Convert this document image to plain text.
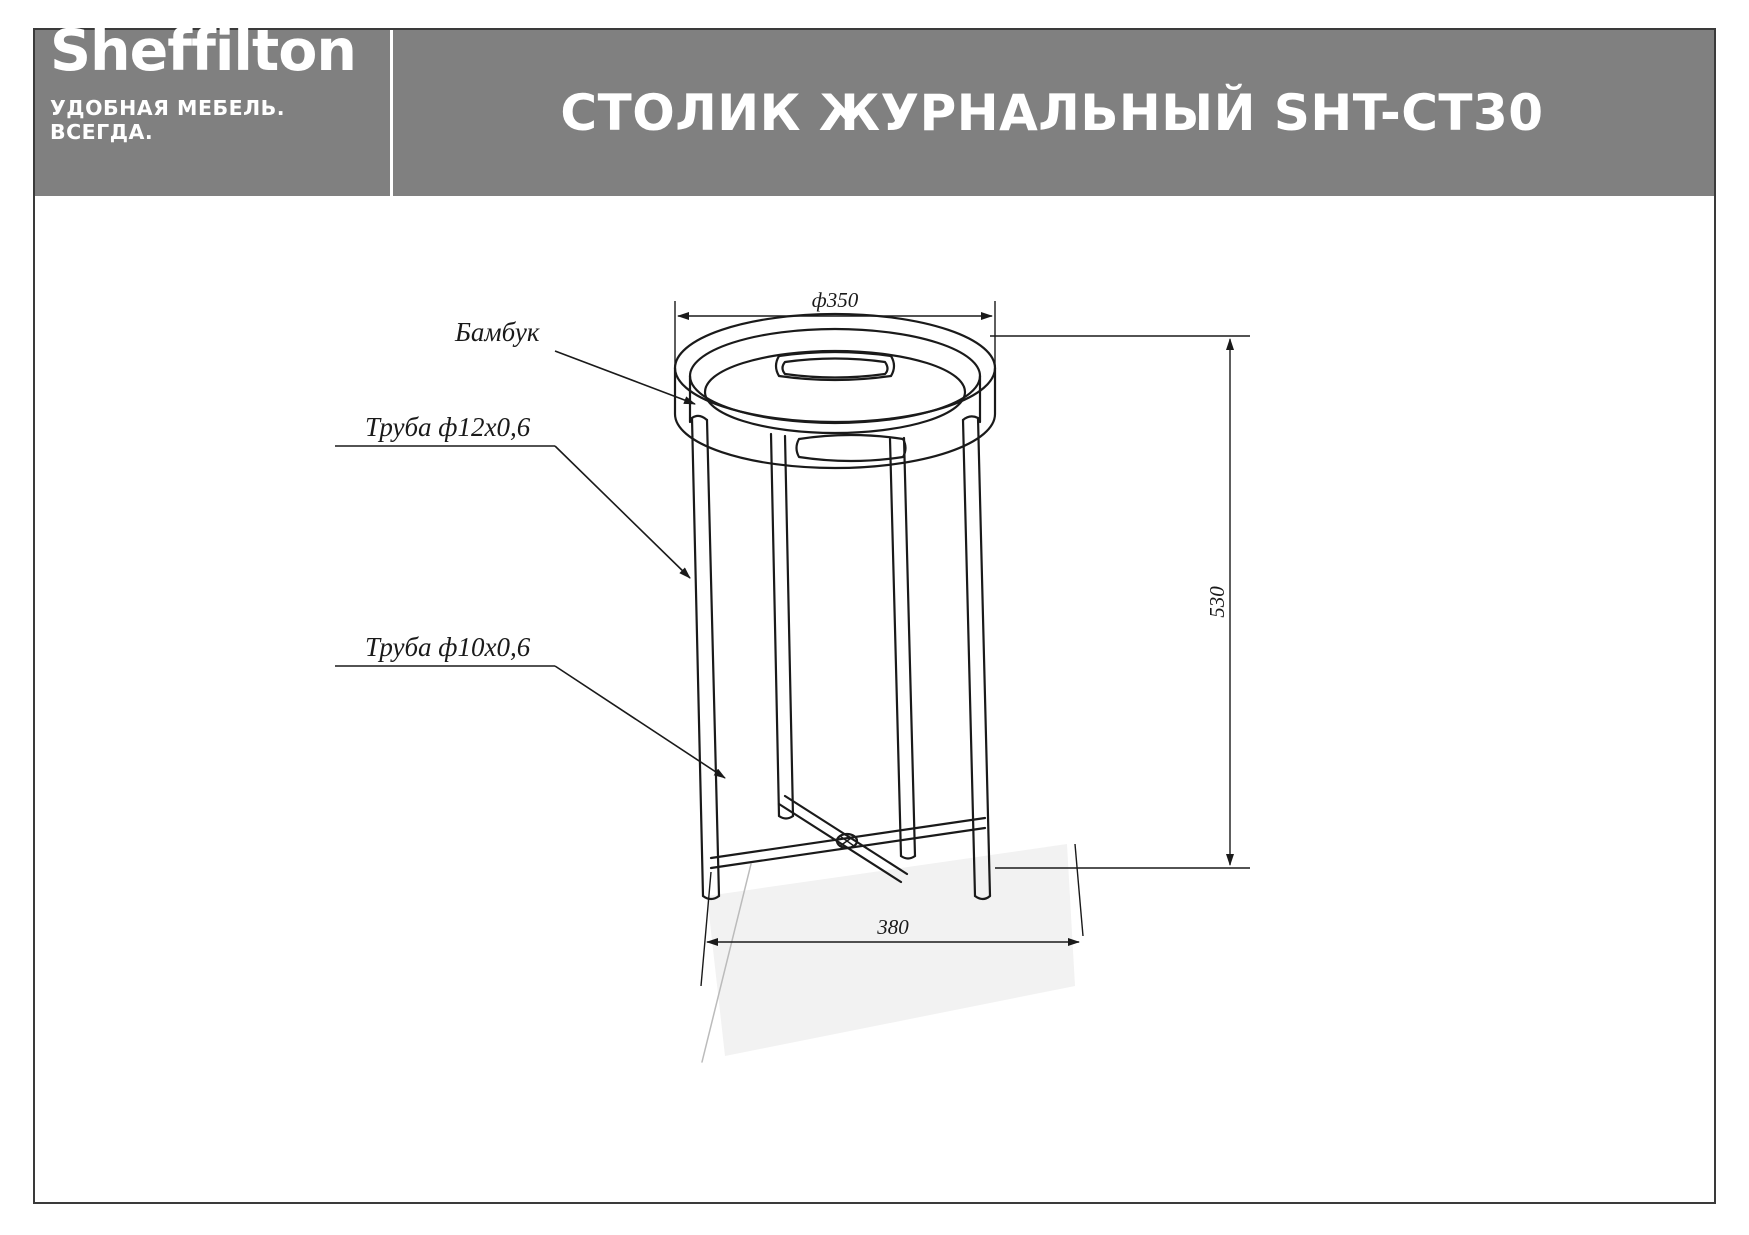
Sheffilton
УДОБНАЯ МЕБЕЛЬ. ВСЕГДА.	СТОЛИК ЖУРНАЛЬНЫЙ SHT-CT30
ф350
530
380
Бамбук
Труба ф12х0,6
Труба ф10х0,6
